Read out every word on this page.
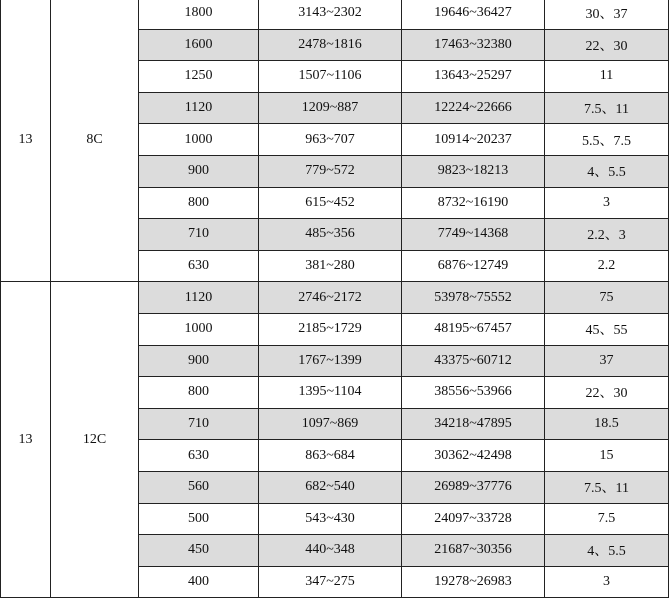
13	8C	1800	3143~2302	19646~36427	30、37
		1600	2478~1816	17463~32380	22、30
		1250	1507~1106	13643~25297	11
		1120	1209~887	12224~22666	7.5、11
		1000	963~707	10914~20237	5.5、7.5
		900	779~572	9823~18213	4、5.5
		800	615~452	8732~16190	3
		710	485~356	7749~14368	2.2、3
		630	381~280	6876~12749	2.2
13	12C	1120	2746~2172	53978~75552	75
		1000	2185~1729	48195~67457	45、55
		900	1767~1399	43375~60712	37
		800	1395~1104	38556~53966	22、30
		710	1097~869	34218~47895	18.5
		630	863~684	30362~42498	15
		560	682~540	26989~37776	7.5、11
		500	543~430	24097~33728	7.5
		450	440~348	21687~30356	4、5.5
		400	347~275	19278~26983	3
